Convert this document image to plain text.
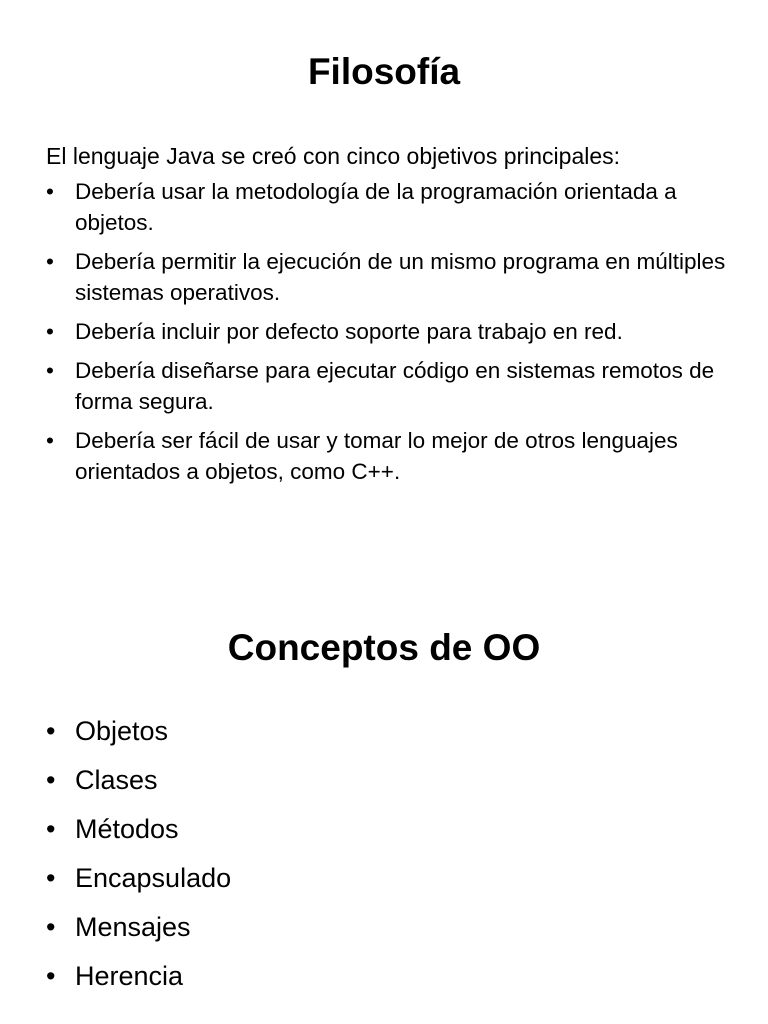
Filosofía

El lenguaje Java se creó con cinco objetivos principales:

• Debería usar la metodología de la programación orientada a objetos.
• Debería permitir la ejecución de un mismo programa en múltiples sistemas operativos.
• Debería incluir por defecto soporte para trabajo en red.
• Debería diseñarse para ejecutar código en sistemas remotos de forma segura.
• Debería ser fácil de usar y tomar lo mejor de otros lenguajes orientados a objetos, como C++.
Conceptos de OO
• Objetos
• Clases
• Métodos
• Encapsulado
• Mensajes
• Herencia
